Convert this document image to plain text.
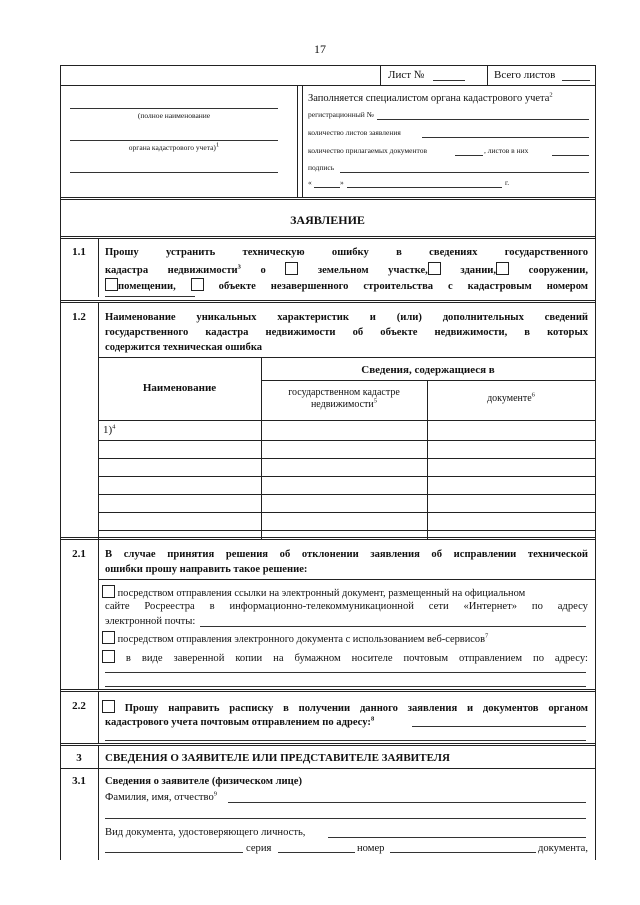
17
Лист №	Всего листов
(полное наименование
органа кадастрового учета)$^1$
Заполняется специалистом органа кадастрового учета$^2$
регистрационный №
количество листов заявления
количество прилагаемых документов	, листов в них
подпись
«	»	г.
ЗАЯВЛЕНИЕ
1.1	Прошу	устранить	техническую	ошибку	в	сведениях	государственного
кадастра недвижимости$^3$ о	земельном участке,	здании,	сооружении,
помещении,	объекте незавершенного строительства с кадастровым номером
1.2	Наименование уникальных характеристик и (или) дополнительных сведений
государственного кадастра недвижимости об объекте недвижимости, в которых
содержится техническая ошибка
Наименование
Сведения, содержащиеся в
государственном кадастре
недвижимости$^5$	документе$^6$
1)$^4$
2.1	В случае принятия решения об отклонении заявления об исправлении технической
ошибки прошу направить такое решение:
посредством отправления ссылки на электронный документ, размещенный на официальном
сайте Росреестра в информационно-телекоммуникационной сети «Интернет» по адресу
электронной почты:
посредством отправления электронного документа с использованием веб-сервисов$^7$
в виде заверенной копии на бумажном носителе почтовым отправлением по адресу:
2.2	Прошу направить расписку в получении данного заявления и документов органом
кадастрового учета почтовым отправлением по адресу:$^8$
3	СВЕДЕНИЯ О ЗАЯВИТЕЛЕ ИЛИ ПРЕДСТАВИТЕЛЕ ЗАЯВИТЕЛЯ
3.1	Сведения о заявителе (физическом лице)
Фамилия, имя, отчество$^9$
Вид документа, удостоверяющего личность,
серия	номер	документа,
